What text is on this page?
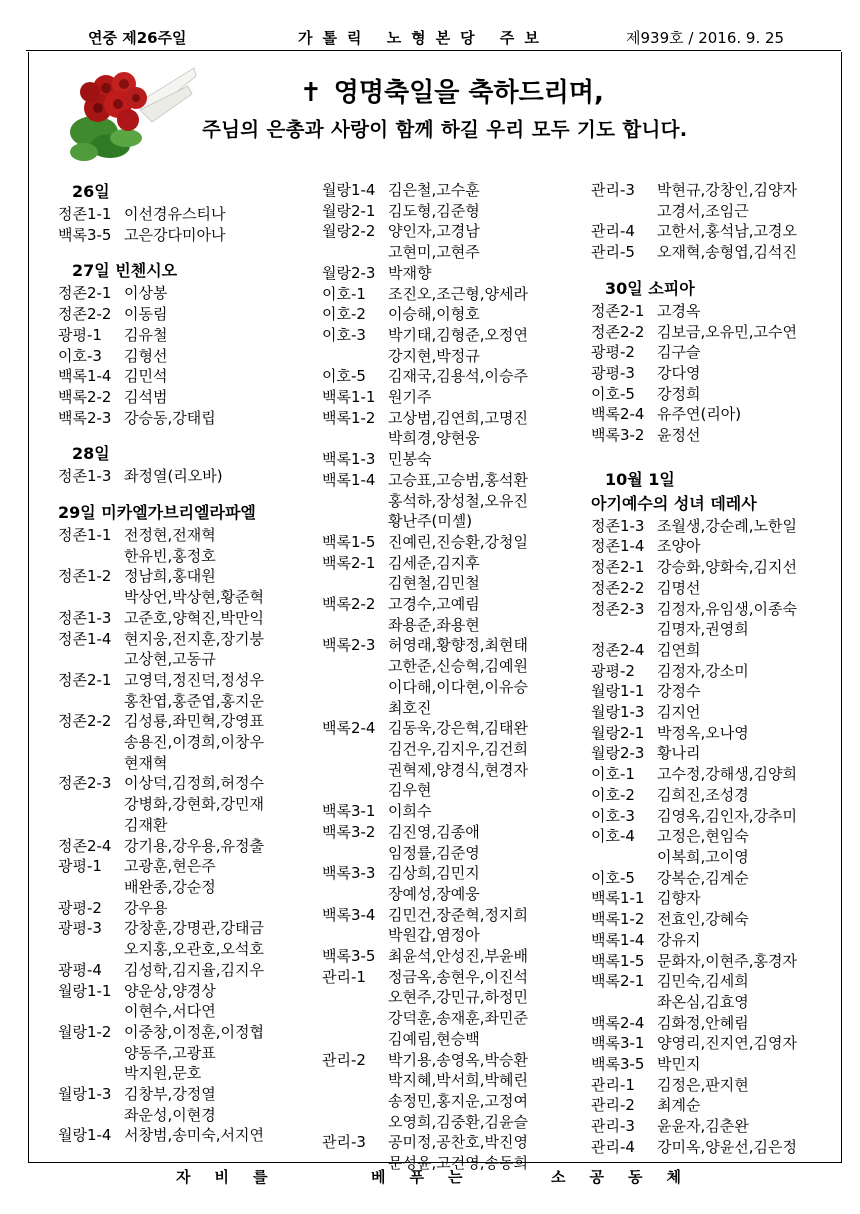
연중 제26주일	가톨릭 노형본당 주보	제939호 / 2016. 9. 25
✝ 영명축일을 축하드리며,
주님의 은총과 사랑이 함께 하길 우리 모두 기도 합니다.
26일
정존1-1 이선경유스티나
백록3-5 고은강다미아나
27일 빈첸시오
정존2-1 이상봉
정존2-2 이동림
광평-1	김유철
이호-3	김형선
백록1-4 김민석
백록2-2 김석범
백록2-3 강승동,강태립
28일
정존1-3 좌정열(리오바)
29일 미카엘가브리엘라파엘
정존1-1 전정현,전재혁
한유빈,홍정호
정존1-2 정남희,홍대원
박상언,박상현,황준혁
정존1-3 고준호,양혁진,박만익
정존1-4 현지웅,전지훈,장기붕
고상현,고동규
정존2-1 고영덕,정진덕,정성우
홍찬엽,홍준엽,홍지운
정존2-2 김성룡,좌민혁,강영표
송용진,이경희,이창우
현재혁
정존2-3 이상덕,김정희,허정수
강병화,강현화,강민재
김재환
정존2-4 강기용,강우용,유정출
광평-1	고광훈,현은주
배완종,강순정
광평-2	강우용
광평-3	강창훈,강명관,강태금
오지홍,오관호,오석호
광평-4	김성학,김지율,김지우
월랑1-1 양운상,양경상
이현수,서다연
월랑1-2 이중창,이정훈,이정협
양동주,고광표
박지원,문호
월랑1-3 김창부,강정열
좌운성,이현경
월랑1-4 서창범,송미숙,서지연
월랑1-4 김은철,고수훈
월랑2-1 김도형,김준형
월랑2-2 양인자,고경남
고현미,고현주
월랑2-3 박재향
이호-1	조진오,조근형,양세라
이호-2	이승해,이형호
이호-3	박기태,김형준,오정연
강지현,박정규
이호-5	김재국,김용석,이승주
백록1-1 원기주
백록1-2 고상범,김연희,고명진
박희경,양현웅
백록1-3 민봉숙
백록1-4 고승표,고승범,홍석환
홍석하,장성철,오유진
황난주(미셸)
백록1-5 진예린,진승환,강청일
백록2-1 김세준,김지후
김현철,김민철
백록2-2 고경수,고예림
좌용준,좌용현
백록2-3 허영래,황향정,최현태
고한준,신승혁,김예원
이다해,이다현,이유승
최호진
백록2-4 김동욱,강은혁,김태완
김건우,김지우,김건희
권혁제,양경식,현경자
김우현
백록3-1 이희수
백록3-2 김진영,김종애
임정률,김준영
백록3-3 김상희,김민지
장예성,장예웅
백록3-4 김민건,장준혁,정지희
박원갑,염정아
백록3-5 최윤석,안성진,부윤배
관리-1	정금옥,송현우,이진석
오현주,강민규,하정민
강덕훈,송재훈,좌민준
김예림,현승백
관리-2	박기용,송영옥,박승환
박지혜,박서희,박혜린
송정민,홍지운,고정여
오영희,김중환,김윤슬
관리-3	공미정,공찬호,박진영
문성윤,고건영,송동희
관리-3	박현규,강창인,김양자
고경서,조임근
관리-4	고한서,홍석남,고경오
관리-5	오재혁,송형엽,김석진
30일 소피아
정존2-1 고경옥
정존2-2 김보금,오유민,고수연
광평-2	김구슬
광평-3	강다영
이호-5	강정희
백록2-4 유주연(리아)
백록3-2 윤정선
10월 1일
아기예수의 성녀 데레사
정존1-3 조월생,강순례,노한일
정존1-4 조양아
정존2-1 강승화,양화숙,김지선
정존2-2 김명선
정존2-3 김정자,유임생,이종숙
김명자,권영희
정존2-4 김연희
광평-2	김정자,강소미
월랑1-1 강정수
월랑1-3 김지언
월랑2-1 박정옥,오나영
월랑2-3 황나리
이호-1	고수정,강해생,김양희
이호-2	김희진,조성경
이호-3	김영옥,김인자,강추미
이호-4	고정은,현임숙
이복희,고이영
이호-5	강복순,김계순
백록1-1 김향자
백록1-2 전효인,강혜숙
백록1-4 강유지
백록1-5 문화자,이현주,홍경자
백록2-1 김민숙,김세희
좌온심,김효영
백록2-4 김화정,안혜림
백록3-1 양영리,진지연,김영자
백록3-5 박민지
관리-1	김정은,판지현
관리-2	최계순
관리-3	윤윤자,김춘완
관리-4	강미옥,양윤선,김은정
자비를	베푸는	소공동체
